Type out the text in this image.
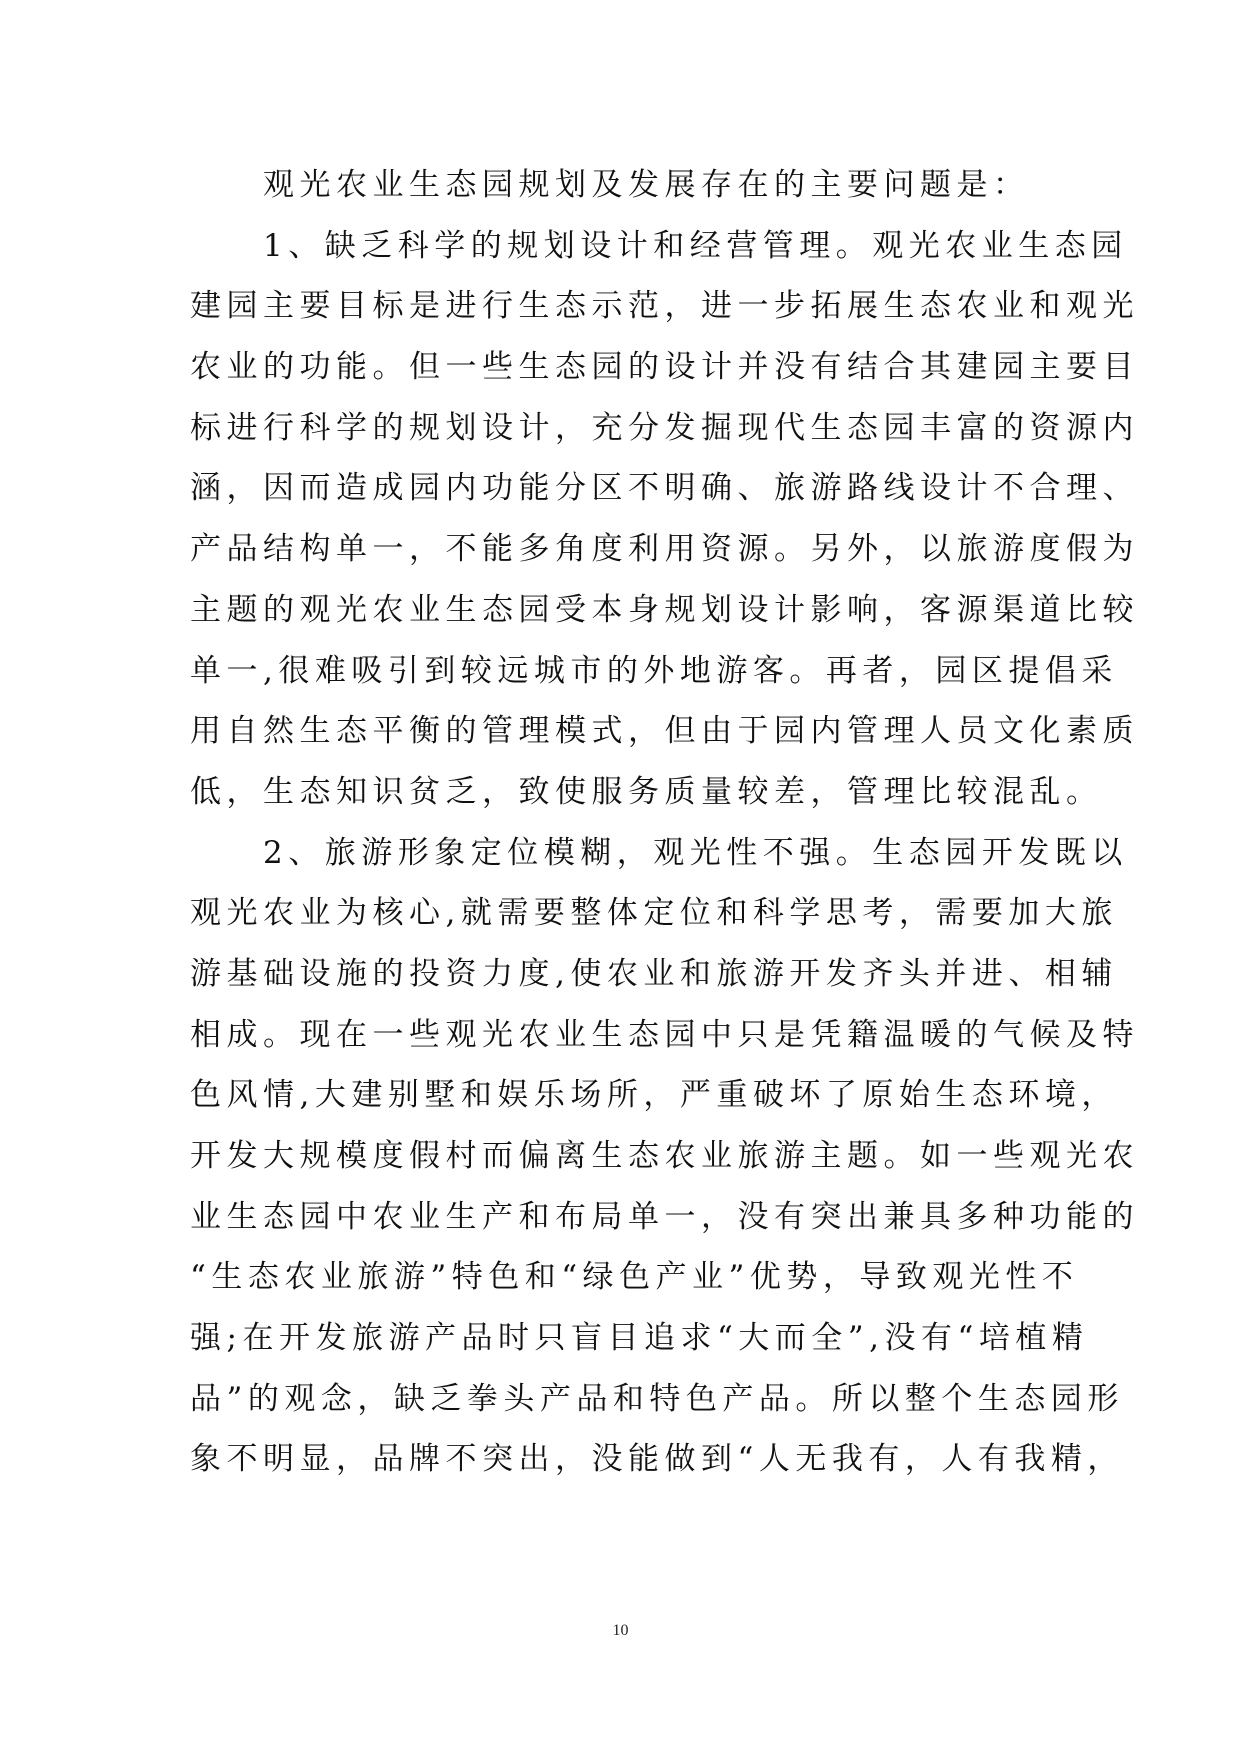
　　观光农业生态园规划及发展存在的主要问题是：
　　1、缺乏科学的规划设计和经营管理。观光农业生态园
建园主要目标是进行生态示范，进一步拓展生态农业和观光
农业的功能。但一些生态园的设计并没有结合其建园主要目
标进行科学的规划设计，充分发掘现代生态园丰富的资源内
涵，因而造成园内功能分区不明确、旅游路线设计不合理、
产品结构单一，不能多角度利用资源。另外，以旅游度假为
主题的观光农业生态园受本身规划设计影响，客源渠道比较
单一,很难吸引到较远城市的外地游客。再者，园区提倡采
用自然生态平衡的管理模式，但由于园内管理人员文化素质
低，生态知识贫乏，致使服务质量较差，管理比较混乱。
　　2、旅游形象定位模糊，观光性不强。生态园开发既以
观光农业为核心,就需要整体定位和科学思考，需要加大旅
游基础设施的投资力度,使农业和旅游开发齐头并进、相辅
相成。现在一些观光农业生态园中只是凭籍温暖的气候及特
色风情,大建别墅和娱乐场所，严重破坏了原始生态环境，
开发大规模度假村而偏离生态农业旅游主题。如一些观光农
业生态园中农业生产和布局单一，没有突出兼具多种功能的
“生态农业旅游”特色和“绿色产业”优势，导致观光性不
强;在开发旅游产品时只盲目追求“大而全”,没有“培植精
品”的观念，缺乏拳头产品和特色产品。所以整个生态园形
象不明显，品牌不突出，没能做到“人无我有，人有我精，
10
